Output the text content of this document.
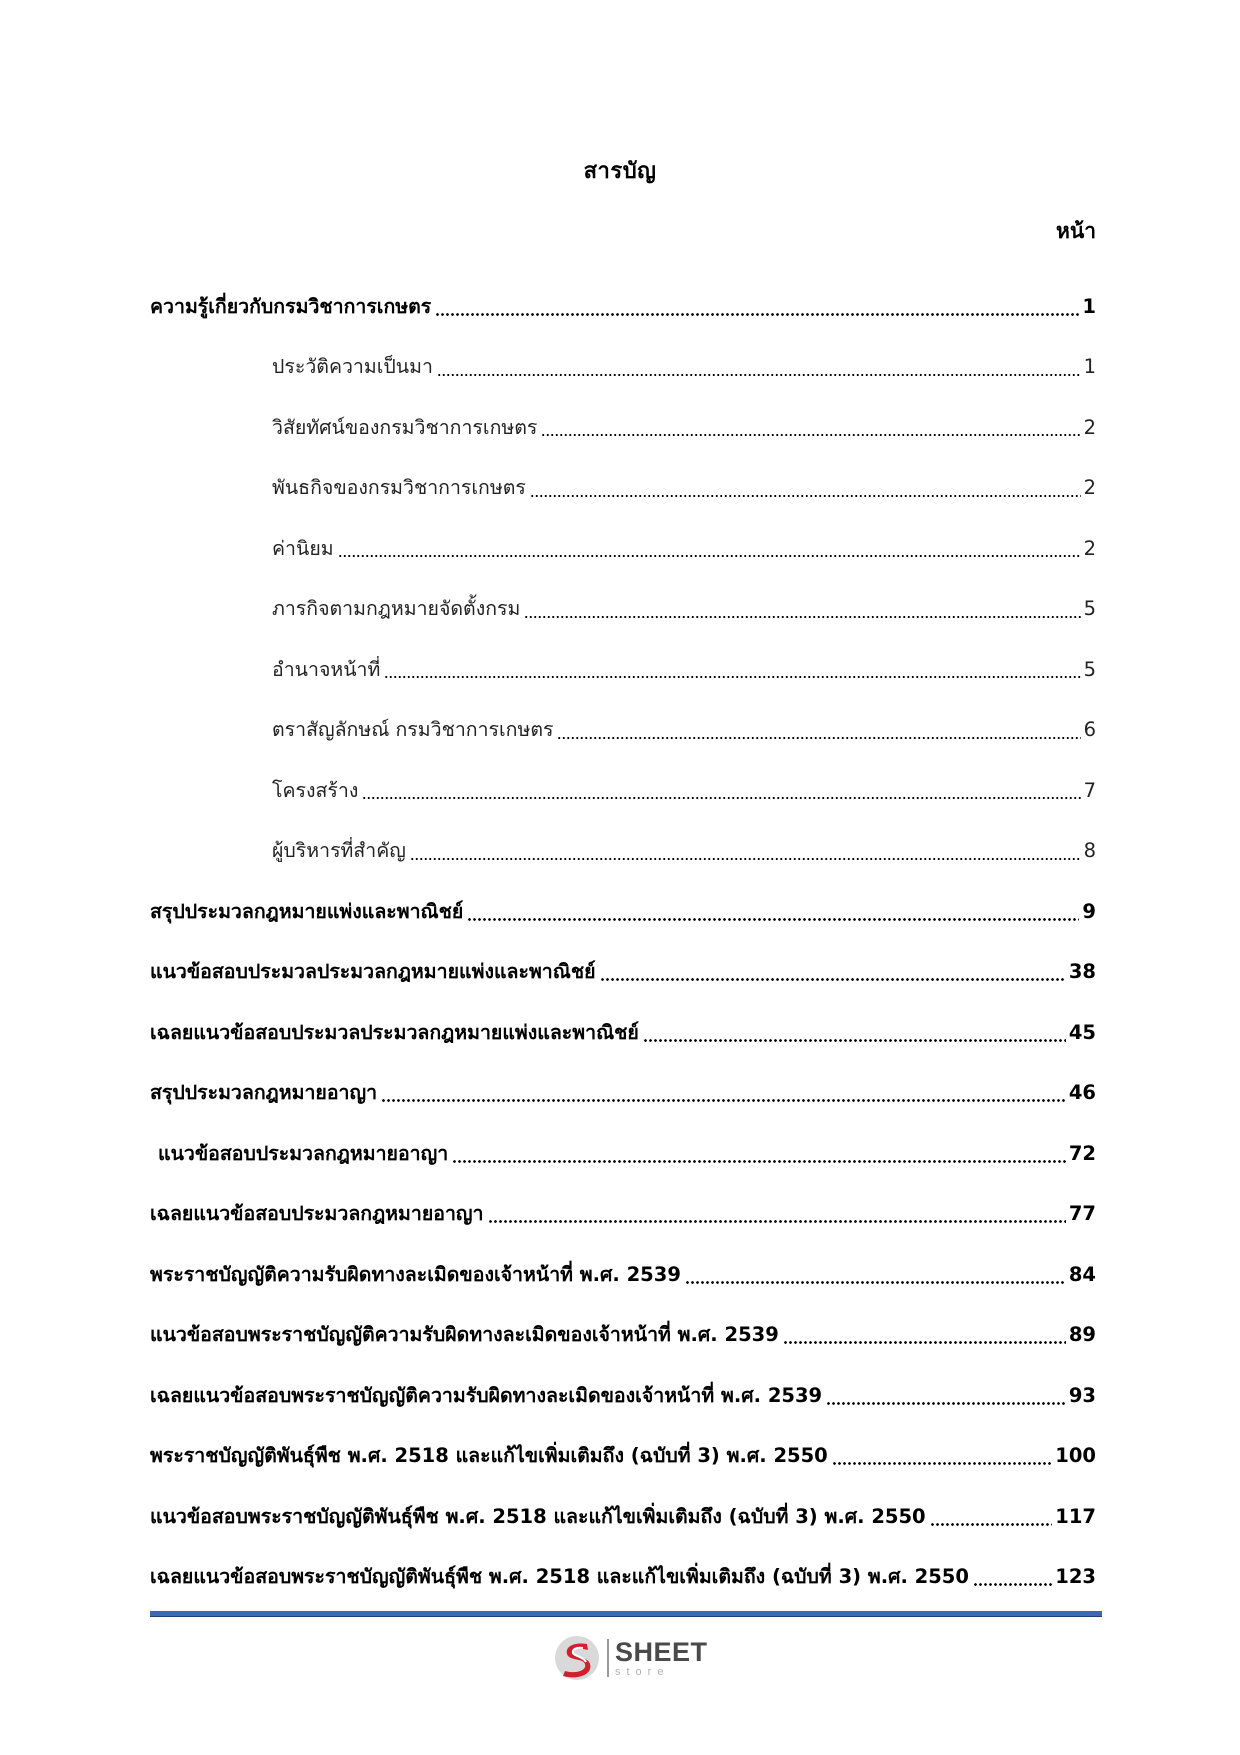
สารบัญ
หน้า
ความรู้เกี่ยวกับกรมวิชาการเกษตร	1
ประวัติความเป็นมา	1
วิสัยทัศน์ของกรมวิชาการเกษตร	2
พันธกิจของกรมวิชาการเกษตร	2
ค่านิยม	2
ภารกิจตามกฎหมายจัดตั้งกรม	5
อำนาจหน้าที่	5
ตราสัญลักษณ์ กรมวิชาการเกษตร	6
โครงสร้าง	7
ผู้บริหารที่สำคัญ	8
สรุปประมวลกฎหมายแพ่งและพาณิชย์	9
แนวข้อสอบประมวลประมวลกฎหมายแพ่งและพาณิชย์	38
เฉลยแนวข้อสอบประมวลประมวลกฎหมายแพ่งและพาณิชย์	45
สรุปประมวลกฎหมายอาญา	46
แนวข้อสอบประมวลกฎหมายอาญา	72
เฉลยแนวข้อสอบประมวลกฎหมายอาญา	77
พระราชบัญญัติความรับผิดทางละเมิดของเจ้าหน้าที่ พ.ศ. 2539	84
แนวข้อสอบพระราชบัญญัติความรับผิดทางละเมิดของเจ้าหน้าที่ พ.ศ. 2539	89
เฉลยแนวข้อสอบพระราชบัญญัติความรับผิดทางละเมิดของเจ้าหน้าที่ พ.ศ. 2539	93
พระราชบัญญัติพันธุ์พืช พ.ศ. 2518 และแก้ไขเพิ่มเติมถึง (ฉบับที่ 3) พ.ศ. 2550	100
แนวข้อสอบพระราชบัญญัติพันธุ์พืช พ.ศ. 2518 และแก้ไขเพิ่มเติมถึง (ฉบับที่ 3) พ.ศ. 2550	117
เฉลยแนวข้อสอบพระราชบัญญัติพันธุ์พืช พ.ศ. 2518 และแก้ไขเพิ่มเติมถึง (ฉบับที่ 3) พ.ศ. 2550	123
SHEET
store
